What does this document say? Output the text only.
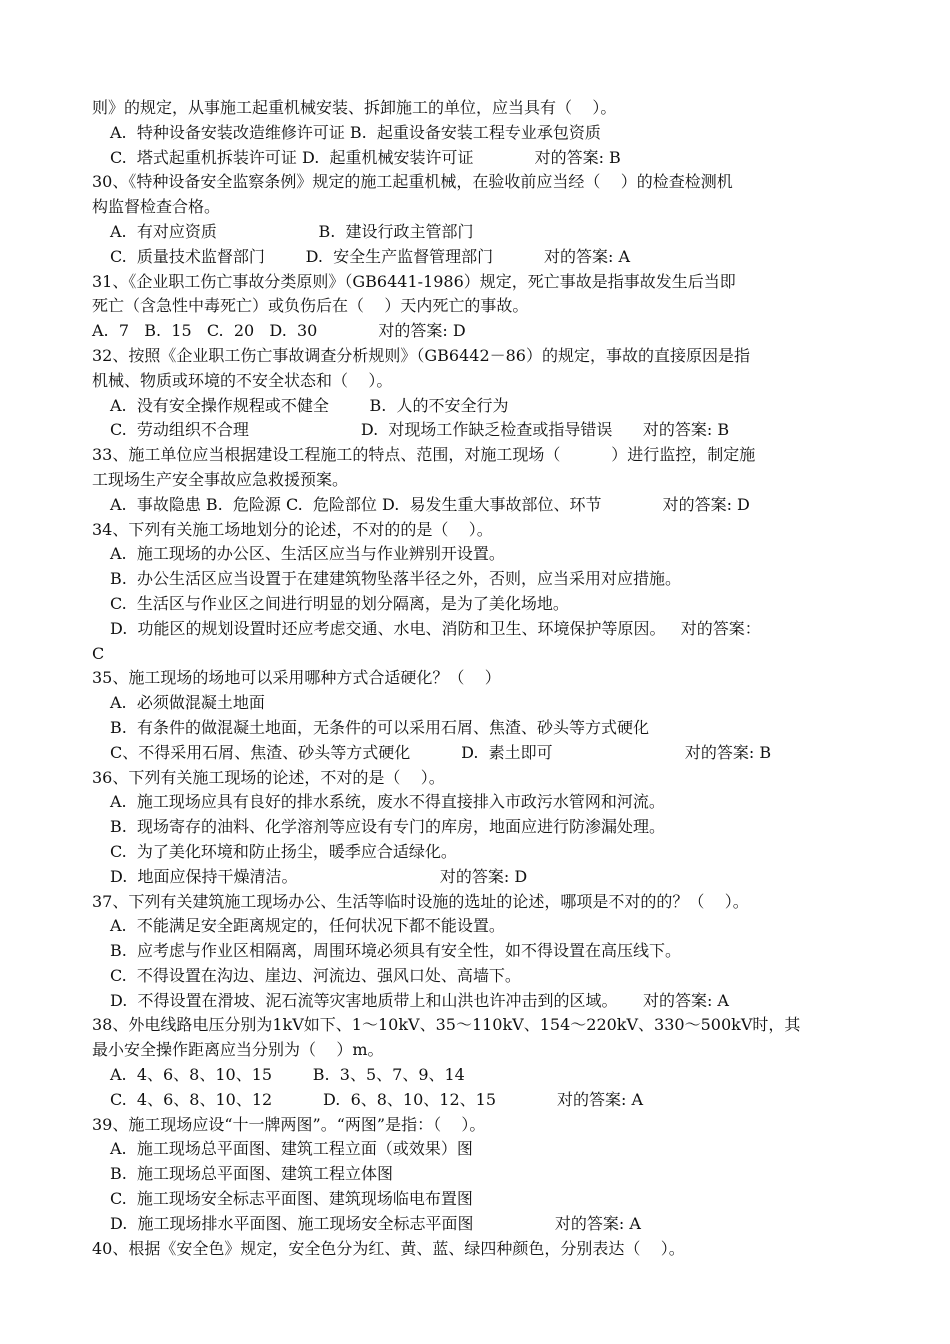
则》的规定，从事施工起重机械安装、拆卸施工的单位，应当具有（    ）。
A.  特种设备安装改造维修许可证 B.  起重设备安装工程专业承包资质
C.  塔式起重机拆装许可证 D.  起重机械安装许可证            对的答案: B
30、《特种设备安全监察条例》规定的施工起重机械，在验收前应当经（    ）的检查检测机
构监督检查合格。
A.  有对应资质                    B.  建设行政主管部门
C.  质量技术监督部门        D.  安全生产监督管理部门          对的答案: A
31、《企业职工伤亡事故分类原则》（GB6441-1986）规定，死亡事故是指事故发生后当即
死亡（含急性中毒死亡）或负伤后在（    ）天内死亡的事故。
A.  7   B.  15   C.  20   D.  30            对的答案: D
32、按照《企业职工伤亡事故调查分析规则》（GB6442－86）的规定，事故的直接原因是指
机械、物质或环境的不安全状态和（    ）。
A.  没有安全操作规程或不健全        B.  人的不安全行为
C.  劳动组织不合理                      D.  对现场工作缺乏检查或指导错误      对的答案: B
33、施工单位应当根据建设工程施工的特点、范围，对施工现场（          ）进行监控，制定施
工现场生产安全事故应急救援预案。
A.  事故隐患 B.  危险源 C.  危险部位 D.  易发生重大事故部位、环节            对的答案: D
34、下列有关施工场地划分的论述，不对的的是（    ）。
A.  施工现场的办公区、生活区应当与作业辨别开设置。
B.  办公生活区应当设置于在建建筑物坠落半径之外，否则，应当采用对应措施。
C.  生活区与作业区之间进行明显的划分隔离，是为了美化场地。
D.  功能区的规划设置时还应考虑交通、水电、消防和卫生、环境保护等原因。   对的答案：
C
35、施工现场的场地可以采用哪种方式合适硬化？（    ）
A.  必须做混凝土地面
B.  有条件的做混凝土地面，无条件的可以采用石屑、焦渣、砂头等方式硬化
C、不得采用石屑、焦渣、砂头等方式硬化          D.  素土即可                          对的答案: B
36、下列有关施工现场的论述，不对的是（    ）。
A.  施工现场应具有良好的排水系统，废水不得直接排入市政污水管网和河流。
B.  现场寄存的油料、化学溶剂等应设有专门的库房，地面应进行防渗漏处理。
C.  为了美化环境和防止扬尘，暖季应合适绿化。
D.  地面应保持干燥清洁。                            对的答案: D
37、下列有关建筑施工现场办公、生活等临时设施的选址的论述，哪项是不对的的？（    ）。
A.  不能满足安全距离规定的，任何状况下都不能设置。
B.  应考虑与作业区相隔离，周围环境必须具有安全性，如不得设置在高压线下。
C.  不得设置在沟边、崖边、河流边、强风口处、高墙下。
D.  不得设置在滑坡、泥石流等灾害地质带上和山洪也许冲击到的区域。     对的答案: A
38、外电线路电压分别为1kV如下、1～10kV、35～110kV、154～220kV、330～500kV时，其
最小安全操作距离应当分别为（    ）m。
A.  4、6、8、10、15        B.  3、5、7、9、14
C.  4、6、8、10、12          D.  6、8、10、12、15            对的答案: A
39、施工现场应设“十一牌两图”。“两图”是指：（    ）。
A.  施工现场总平面图、建筑工程立面（或效果）图
B.  施工现场总平面图、建筑工程立体图
C.  施工现场安全标志平面图、建筑现场临电布置图
D.  施工现场排水平面图、施工现场安全标志平面图                对的答案: A
40、根据《安全色》规定，安全色分为红、黄、蓝、绿四种颜色，分别表达（    ）。
